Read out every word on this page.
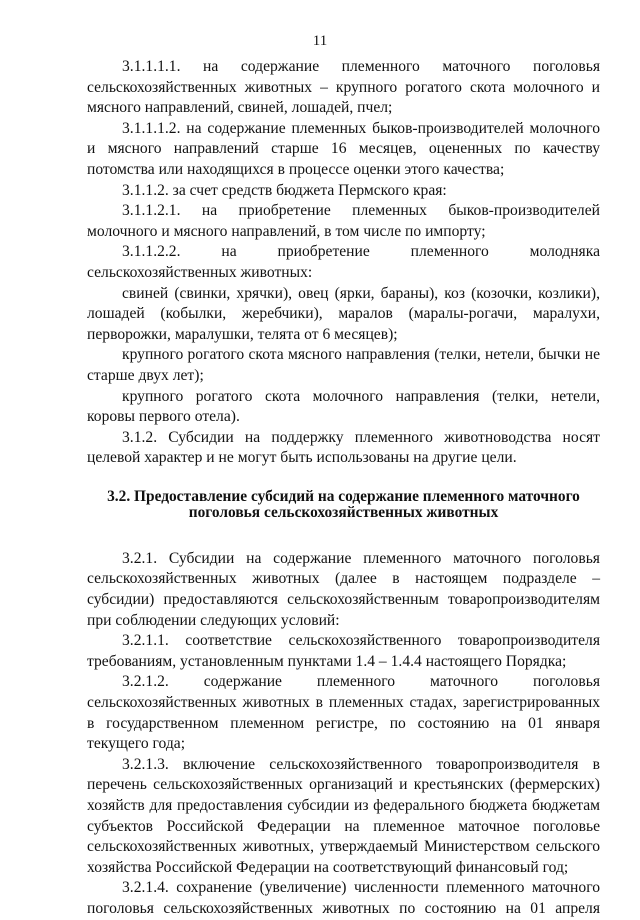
11

3.1.1.1.1. на содержание племенного маточного поголовья сельскохозяйственных животных – крупного рогатого скота молочного и мясного направлений, свиней, лошадей, пчел;

3.1.1.1.2. на содержание племенных быков-производителей молочного и мясного направлений старше 16 месяцев, оцененных по качеству потомства или находящихся в процессе оценки этого качества;

3.1.1.2. за счет средств бюджета Пермского края:

3.1.1.2.1. на приобретение племенных быков-производителей молочного и мясного направлений, в том числе по импорту;

3.1.1.2.2. на приобретение племенного молодняка сельскохозяйственных животных:

свиней (свинки, хрячки), овец (ярки, бараны), коз (козочки, козлики), лошадей (кобылки, жеребчики), маралов (маралы-рогачи, маралухи, перворожки, маралушки, телята от 6 месяцев);

крупного рогатого скота мясного направления (телки, нетели, бычки не старше двух лет);

крупного рогатого скота молочного направления (телки, нетели, коровы первого отела).

3.1.2. Субсидии на поддержку племенного животноводства носят целевой характер и не могут быть использованы на другие цели.

3.2. Предоставление субсидий на содержание племенного маточного
поголовья сельскохозяйственных животных

3.2.1. Субсидии на содержание племенного маточного поголовья сельскохозяйственных животных (далее в настоящем подразделе – субсидии) предоставляются сельскохозяйственным товаропроизводителям при соблюдении следующих условий:

3.2.1.1. соответствие сельскохозяйственного товаропроизводителя требованиям, установленным пунктами 1.4 – 1.4.4 настоящего Порядка;

3.2.1.2. содержание племенного маточного поголовья сельскохозяйственных животных в племенных стадах, зарегистрированных в государственном племенном регистре, по состоянию на 01 января текущего года;

3.2.1.3. включение сельскохозяйственного товаропроизводителя в перечень сельскохозяйственных организаций и крестьянских (фермерских) хозяйств для предоставления субсидии из федерального бюджета бюджетам субъектов Российской Федерации на племенное маточное поголовье сельскохозяйственных животных, утверждаемый Министерством сельского хозяйства Российской Федерации на соответствующий финансовый год;

3.2.1.4. сохранение (увеличение) численности племенного маточного поголовья сельскохозяйственных животных по состоянию на 01 апреля
